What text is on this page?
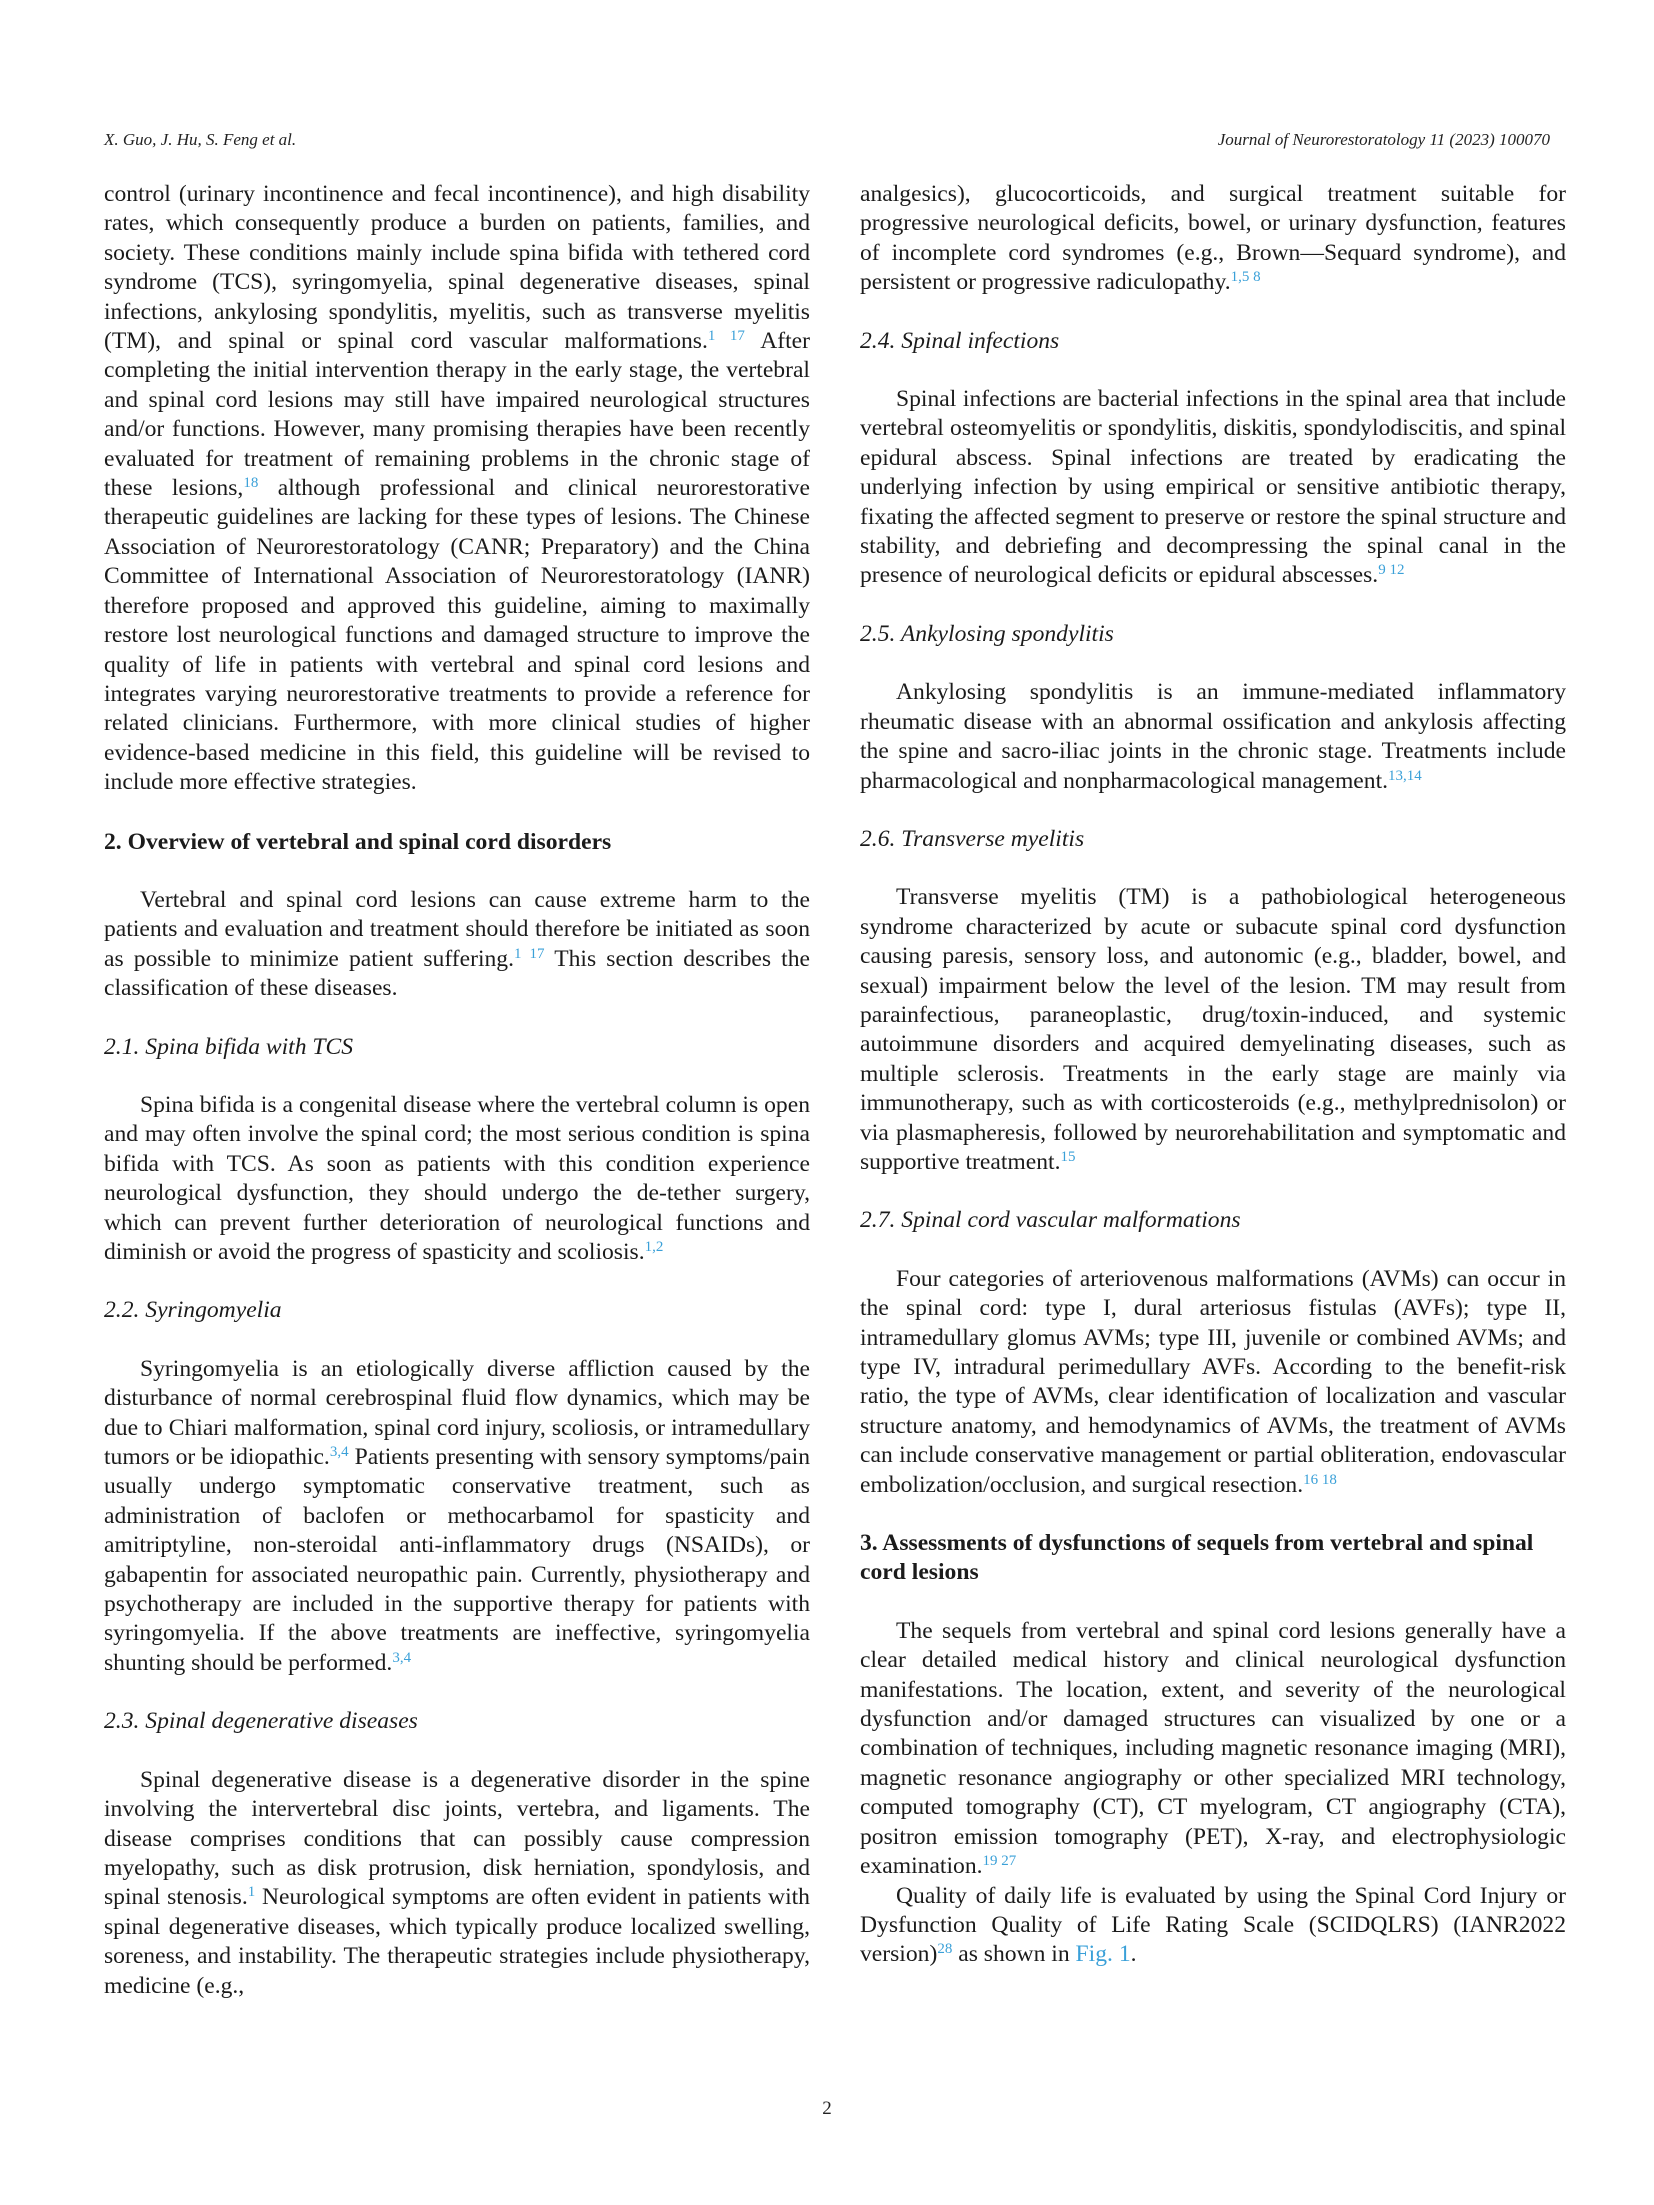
X. Guo, J. Hu, S. Feng et al.	Journal of Neurorestoratology 11 (2023) 100070

control (urinary incontinence and fecal incontinence), and high disability rates, which consequently produce a burden on patients, families, and society. These conditions mainly include spina bifida with tethered cord syndrome (TCS), syringomyelia, spinal degenerative diseases, spinal infections, ankylosing spondylitis, myelitis, such as transverse myelitis (TM), and spinal or spinal cord vascular malformations.$^{1 17}$ After completing the initial intervention therapy in the early stage, the vertebral and spinal cord lesions may still have impaired neurological structures and/or functions. However, many promising therapies have been recently evaluated for treatment of remaining problems in the chronic stage of these lesions,$^{18}$ although professional and clinical neurorestorative therapeutic guidelines are lacking for these types of lesions. The Chinese Association of Neurorestoratology (CANR; Preparatory) and the China Committee of International Association of Neurorestoratology (IANR) therefore proposed and approved this guideline, aiming to maximally restore lost neurological functions and damaged structure to improve the quality of life in patients with vertebral and spinal cord lesions and integrates varying neurorestorative treatments to provide a reference for related clinicians. Furthermore, with more clinical studies of higher evidence-based medicine in this field, this guideline will be revised to include more effective strategies.

2. Overview of vertebral and spinal cord disorders

Vertebral and spinal cord lesions can cause extreme harm to the patients and evaluation and treatment should therefore be initiated as soon as possible to minimize patient suffering.$^{1 17}$ This section describes the classification of these diseases.

2.1. Spina bifida with TCS

Spina bifida is a congenital disease where the vertebral column is open and may often involve the spinal cord; the most serious condition is spina bifida with TCS. As soon as patients with this condition experience neurological dysfunction, they should undergo the de-tether surgery, which can prevent further deterioration of neurological functions and diminish or avoid the progress of spasticity and scoliosis.$^{1,2}$

2.2. Syringomyelia

Syringomyelia is an etiologically diverse affliction caused by the disturbance of normal cerebrospinal fluid flow dynamics, which may be due to Chiari malformation, spinal cord injury, scoliosis, or intramedullary tumors or be idiopathic.$^{3,4}$ Patients presenting with sensory symptoms/pain usually undergo symptomatic conservative treatment, such as administration of baclofen or methocarbamol for spasticity and amitriptyline, non-steroidal anti-inflammatory drugs (NSAIDs), or gabapentin for associated neuropathic pain. Currently, physiotherapy and psychotherapy are included in the supportive therapy for patients with syringomyelia. If the above treatments are ineffective, syringomyelia shunting should be performed.$^{3,4}$

2.3. Spinal degenerative diseases

Spinal degenerative disease is a degenerative disorder in the spine involving the intervertebral disc joints, vertebra, and ligaments. The disease comprises conditions that can possibly cause compression myelopathy, such as disk protrusion, disk herniation, spondylosis, and spinal stenosis.$^1$ Neurological symptoms are often evident in patients with spinal degenerative diseases, which typically produce localized swelling, soreness, and instability. The therapeutic strategies include physiotherapy, medicine (e.g.,

analgesics), glucocorticoids, and surgical treatment suitable for progressive neurological deficits, bowel, or urinary dysfunction, features of incomplete cord syndromes (e.g., Brown—Sequard syndrome), and persistent or progressive radiculopathy.$^{1,5 8}$

2.4. Spinal infections

Spinal infections are bacterial infections in the spinal area that include vertebral osteomyelitis or spondylitis, diskitis, spondylodiscitis, and spinal epidural abscess. Spinal infections are treated by eradicating the underlying infection by using empirical or sensitive antibiotic therapy, fixating the affected segment to preserve or restore the spinal structure and stability, and debriefing and decompressing the spinal canal in the presence of neurological deficits or epidural abscesses.$^{9 12}$

2.5. Ankylosing spondylitis

Ankylosing spondylitis is an immune-mediated inflammatory rheumatic disease with an abnormal ossification and ankylosis affecting the spine and sacro-iliac joints in the chronic stage. Treatments include pharmacological and nonpharmacological management.$^{13,14}$

2.6. Transverse myelitis

Transverse myelitis (TM) is a pathobiological heterogeneous syndrome characterized by acute or subacute spinal cord dysfunction causing paresis, sensory loss, and autonomic (e.g., bladder, bowel, and sexual) impairment below the level of the lesion. TM may result from parainfectious, paraneoplastic, drug/toxin-induced, and systemic autoimmune disorders and acquired demyelinating diseases, such as multiple sclerosis. Treatments in the early stage are mainly via immunotherapy, such as with corticosteroids (e.g., methylprednisolon) or via plasmapheresis, followed by neurorehabilitation and symptomatic and supportive treatment.$^{15}$

2.7. Spinal cord vascular malformations

Four categories of arteriovenous malformations (AVMs) can occur in the spinal cord: type I, dural arteriosus fistulas (AVFs); type II, intramedullary glomus AVMs; type III, juvenile or combined AVMs; and type IV, intradural perimedullary AVFs. According to the benefit-risk ratio, the type of AVMs, clear identification of localization and vascular structure anatomy, and hemodynamics of AVMs, the treatment of AVMs can include conservative management or partial obliteration, endovascular embolization/occlusion, and surgical resection.$^{16 18}$

3. Assessments of dysfunctions of sequels from vertebral and spinal cord lesions

The sequels from vertebral and spinal cord lesions generally have a clear detailed medical history and clinical neurological dysfunction manifestations. The location, extent, and severity of the neurological dysfunction and/or damaged structures can visualized by one or a combination of techniques, including magnetic resonance imaging (MRI), magnetic resonance angiography or other specialized MRI technology, computed tomography (CT), CT myelogram, CT angiography (CTA), positron emission tomography (PET), X-ray, and electrophysiologic examination.$^{19 27}$

Quality of daily life is evaluated by using the Spinal Cord Injury or Dysfunction Quality of Life Rating Scale (SCIDQLRS) (IANR2022 version)$^{28}$ as shown in Fig. 1.

2
